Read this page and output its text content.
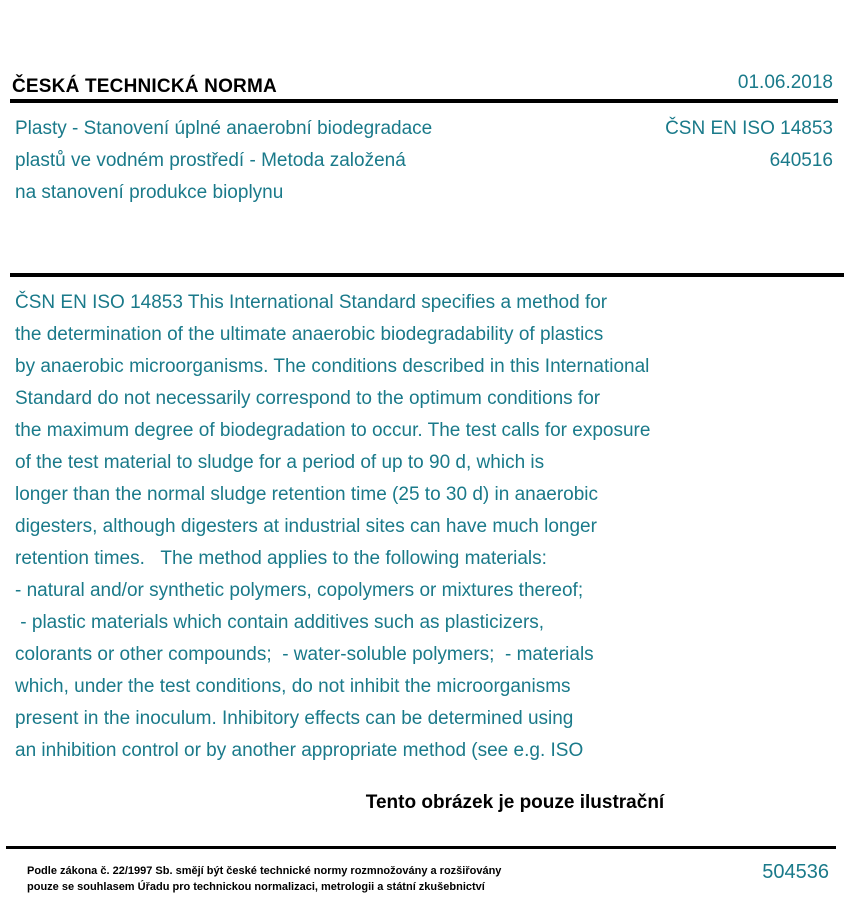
ČESKÁ TECHNICKÁ NORMA	01.06.2018
Plasty - Stanovení úplné anaerobní biodegradace
plastů ve vodném prostředí - Metoda založená
na stanovení produkce bioplynu
ČSN EN ISO 14853
640516
ČSN EN ISO 14853 This International Standard specifies a method for
the determination of the ultimate anaerobic biodegradability of plastics
by anaerobic microorganisms. The conditions described in this International
Standard do not necessarily correspond to the optimum conditions for
the maximum degree of biodegradation to occur. The test calls for exposure
of the test material to sludge for a period of up to 90 d, which is
longer than the normal sludge retention time (25 to 30 d) in anaerobic
digesters, although digesters at industrial sites can have much longer
retention times.   The method applies to the following materials:
- natural and/or synthetic polymers, copolymers or mixtures thereof;
- plastic materials which contain additives such as plasticizers,
colorants or other compounds;  - water-soluble polymers;  - materials
which, under the test conditions, do not inhibit the microorganisms
present in the inoculum. Inhibitory effects can be determined using
an inhibition control or by another appropriate method (see e.g. ISO
Tento obrázek je pouze ilustrační
Podle zákona č. 22/1997 Sb. smějí být české technické normy rozmnožovány a rozšiřovány
pouze se souhlasem Úřadu pro technickou normalizaci, metrologii a státní zkušebnictví
504536
